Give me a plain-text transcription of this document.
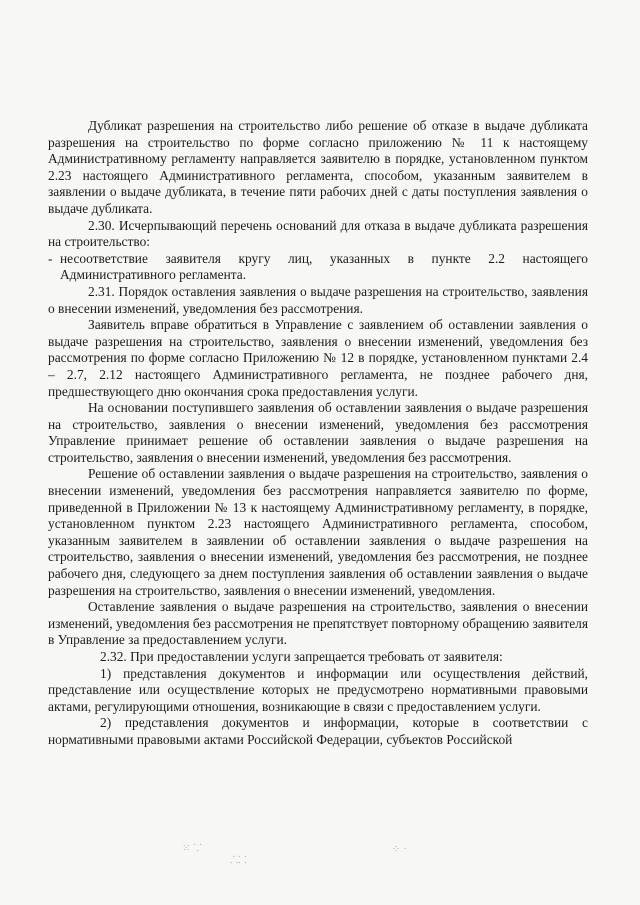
Дубликат разрешения на строительство либо решение об отказе в выдаче дубликата разрешения на строительство по форме согласно приложению № 11 к настоящему Административному регламенту направляется заявителю в порядке, установленном пунктом 2.23 настоящего Административного регламента, способом, указанным заявителем в заявлении о выдаче дубликата, в течение пяти рабочих дней с даты поступления заявления о выдаче дубликата.

2.30. Исчерпывающий перечень оснований для отказа в выдаче дубликата разрешения на строительство:

- несоответствие заявителя кругу лиц, указанных в пункте 2.2 настоящего Административного регламента.

2.31. Порядок оставления заявления о выдаче разрешения на строительство, заявления о внесении изменений, уведомления без рассмотрения.

Заявитель вправе обратиться в Управление с заявлением об оставлении заявления о выдаче разрешения на строительство, заявления о внесении изменений, уведомления без рассмотрения по форме согласно Приложению № 12 в порядке, установленном пунктами 2.4 – 2.7, 2.12 настоящего Административного регламента, не позднее рабочего дня, предшествующего дню окончания срока предоставления услуги.

На основании поступившего заявления об оставлении заявления о выдаче разрешения на строительство, заявления о внесении изменений, уведомления без рассмотрения Управление принимает решение об оставлении заявления о выдаче разрешения на строительство, заявления о внесении изменений, уведомления без рассмотрения.

Решение об оставлении заявления о выдаче разрешения на строительство, заявления о внесении изменений, уведомления без рассмотрения направляется заявителю по форме, приведенной в Приложении № 13 к настоящему Административному регламенту, в порядке, установленном пунктом 2.23 настоящего Административного регламента, способом, указанным заявителем в заявлении об оставлении заявления о выдаче разрешения на строительство, заявления о внесении изменений, уведомления без рассмотрения, не позднее рабочего дня, следующего за днем поступления заявления об оставлении заявления о выдаче разрешения на строительство, заявления о внесении изменений, уведомления.

Оставление заявления о выдаче разрешения на строительство, заявления о внесении изменений, уведомления без рассмотрения не препятствует повторному обращению заявителя в Управление за предоставлением услуги.

2.32. При предоставлении услуги запрещается требовать от заявителя:

1) представления документов и информации или осуществления действий, представление или осуществление которых не предусмотрено нормативными правовыми актами, регулирующими отношения, возникающие в связи с предоставлением услуги.

2) представления документов и информации, которые в соответствии с нормативными правовыми актами Российской Федерации, субъектов Российской

⁙ ⸪
⸫⸬
⁘ ·
